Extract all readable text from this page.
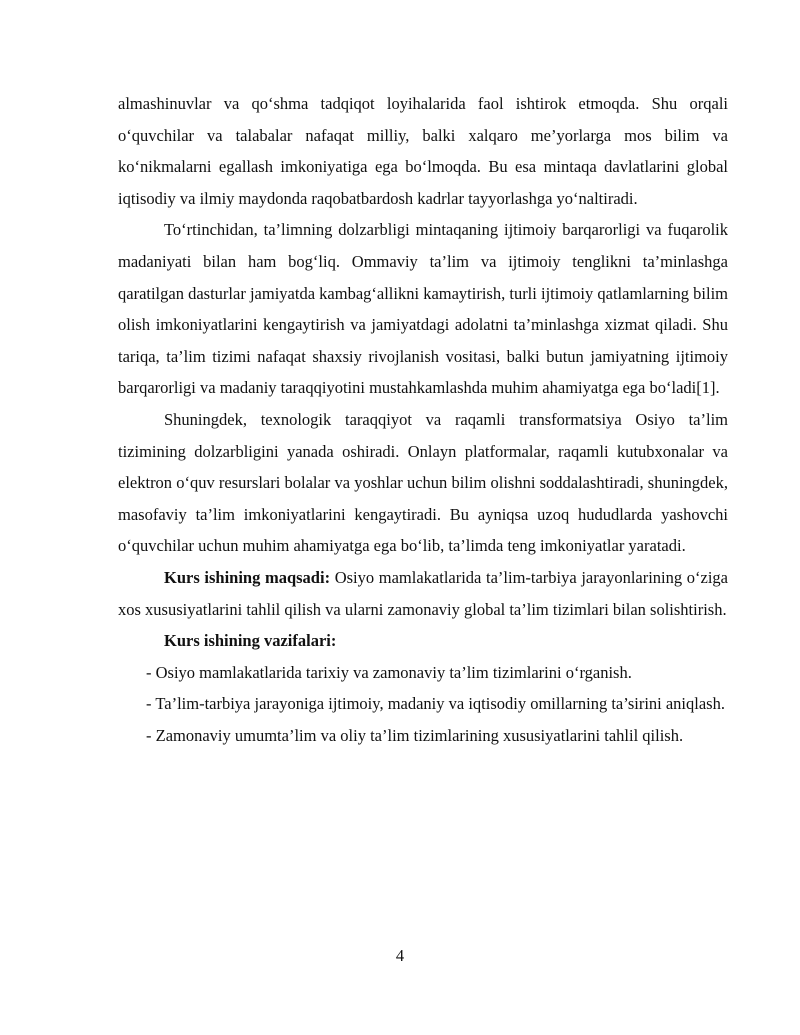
almashinuvlar va qo‘shma tadqiqot loyihalarida faol ishtirok etmoqda. Shu orqali o‘quvchilar va talabalar nafaqat milliy, balki xalqaro me’yorlarga mos bilim va ko‘nikmalarni egallash imkoniyatiga ega bo‘lmoqda. Bu esa mintaqa davlatlarini global iqtisodiy va ilmiy maydonda raqobatbardosh kadrlar tayyorlashga yo‘naltiradi.

To‘rtinchidan, ta’limning dolzarbligi mintaqaning ijtimoiy barqarorligi va fuqarolik madaniyati bilan ham bog‘liq. Ommaviy ta’lim va ijtimoiy tenglikni ta’minlashga qaratilgan dasturlar jamiyatda kambag‘allikni kamaytirish, turli ijtimoiy qatlamlarning bilim olish imkoniyatlarini kengaytirish va jamiyatdagi adolatni ta’minlashga xizmat qiladi. Shu tariqa, ta’lim tizimi nafaqat shaxsiy rivojlanish vositasi, balki butun jamiyatning ijtimoiy barqarorligi va madaniy taraqqiyotini mustahkamlashda muhim ahamiyatga ega bo‘ladi[1].

Shuningdek, texnologik taraqqiyot va raqamli transformatsiya Osiyo ta’lim tizimining dolzarbligini yanada oshiradi. Onlayn platformalar, raqamli kutubxonalar va elektron o‘quv resurslari bolalar va yoshlar uchun bilim olishni soddalashtiradi, shuningdek, masofaviy ta’lim imkoniyatlarini kengaytiradi. Bu ayniqsa uzoq hududlarda yashovchi o‘quvchilar uchun muhim ahamiyatga ega bo‘lib, ta’limda teng imkoniyatlar yaratadi.

Kurs ishining maqsadi: Osiyo mamlakatlarida ta’lim-tarbiya jarayonlarining o‘ziga xos xususiyatlarini tahlil qilish va ularni zamonaviy global ta’lim tizimlari bilan solishtirish.

Kurs ishining vazifalari:

- Osiyo mamlakatlarida tarixiy va zamonaviy ta’lim tizimlarini o‘rganish.

- Ta’lim-tarbiya jarayoniga ijtimoiy, madaniy va iqtisodiy omillarning ta’sirini aniqlash.

- Zamonaviy umumta’lim va oliy ta’lim tizimlarining xususiyatlarini tahlil qilish.

4
